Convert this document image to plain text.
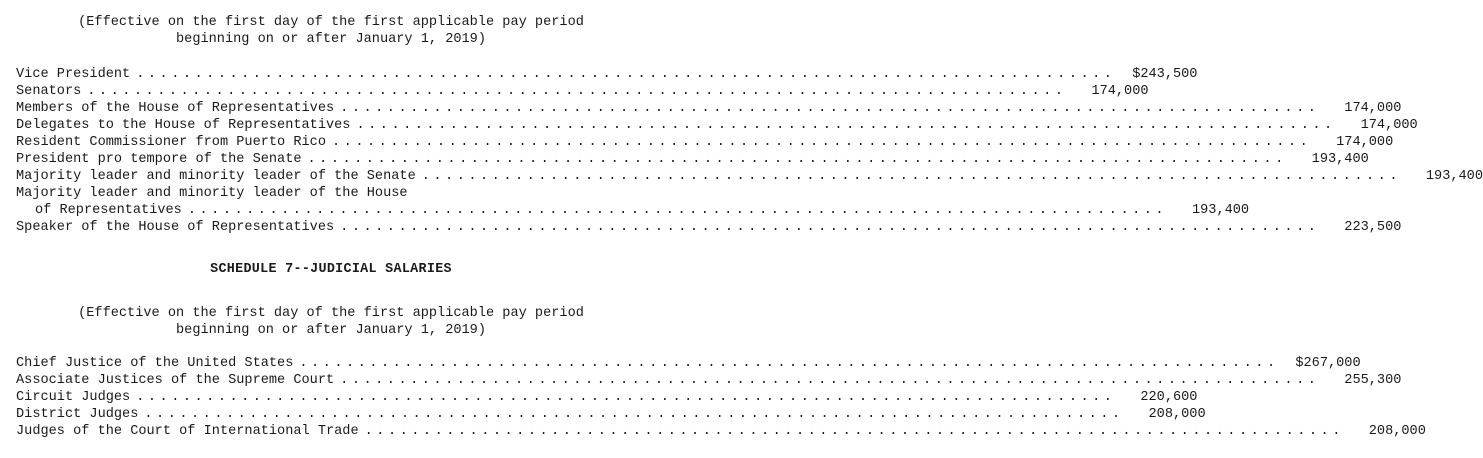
(Effective on the first day of the first applicable pay period
beginning on or after January 1, 2019)
Vice President ....................................................................................	$243,500
Senators ....................................................................................	174,000
Members of the House of Representatives ....................................................................................	174,000
Delegates to the House of Representatives ....................................................................................	174,000
Resident Commissioner from Puerto Rico ....................................................................................	174,000
President pro tempore of the Senate ....................................................................................	193,400
Majority leader and minority leader of the Senate ....................................................................................	193,400
Majority leader and minority leader of the House
of Representatives ....................................................................................	193,400
Speaker of the House of Representatives ....................................................................................	223,500
SCHEDULE 7--JUDICIAL SALARIES
(Effective on the first day of the first applicable pay period
beginning on or after January 1, 2019)
Chief Justice of the United States ....................................................................................	$267,000
Associate Justices of the Supreme Court ....................................................................................	255,300
Circuit Judges ....................................................................................	220,600
District Judges ....................................................................................	208,000
Judges of the Court of International Trade ....................................................................................	208,000
